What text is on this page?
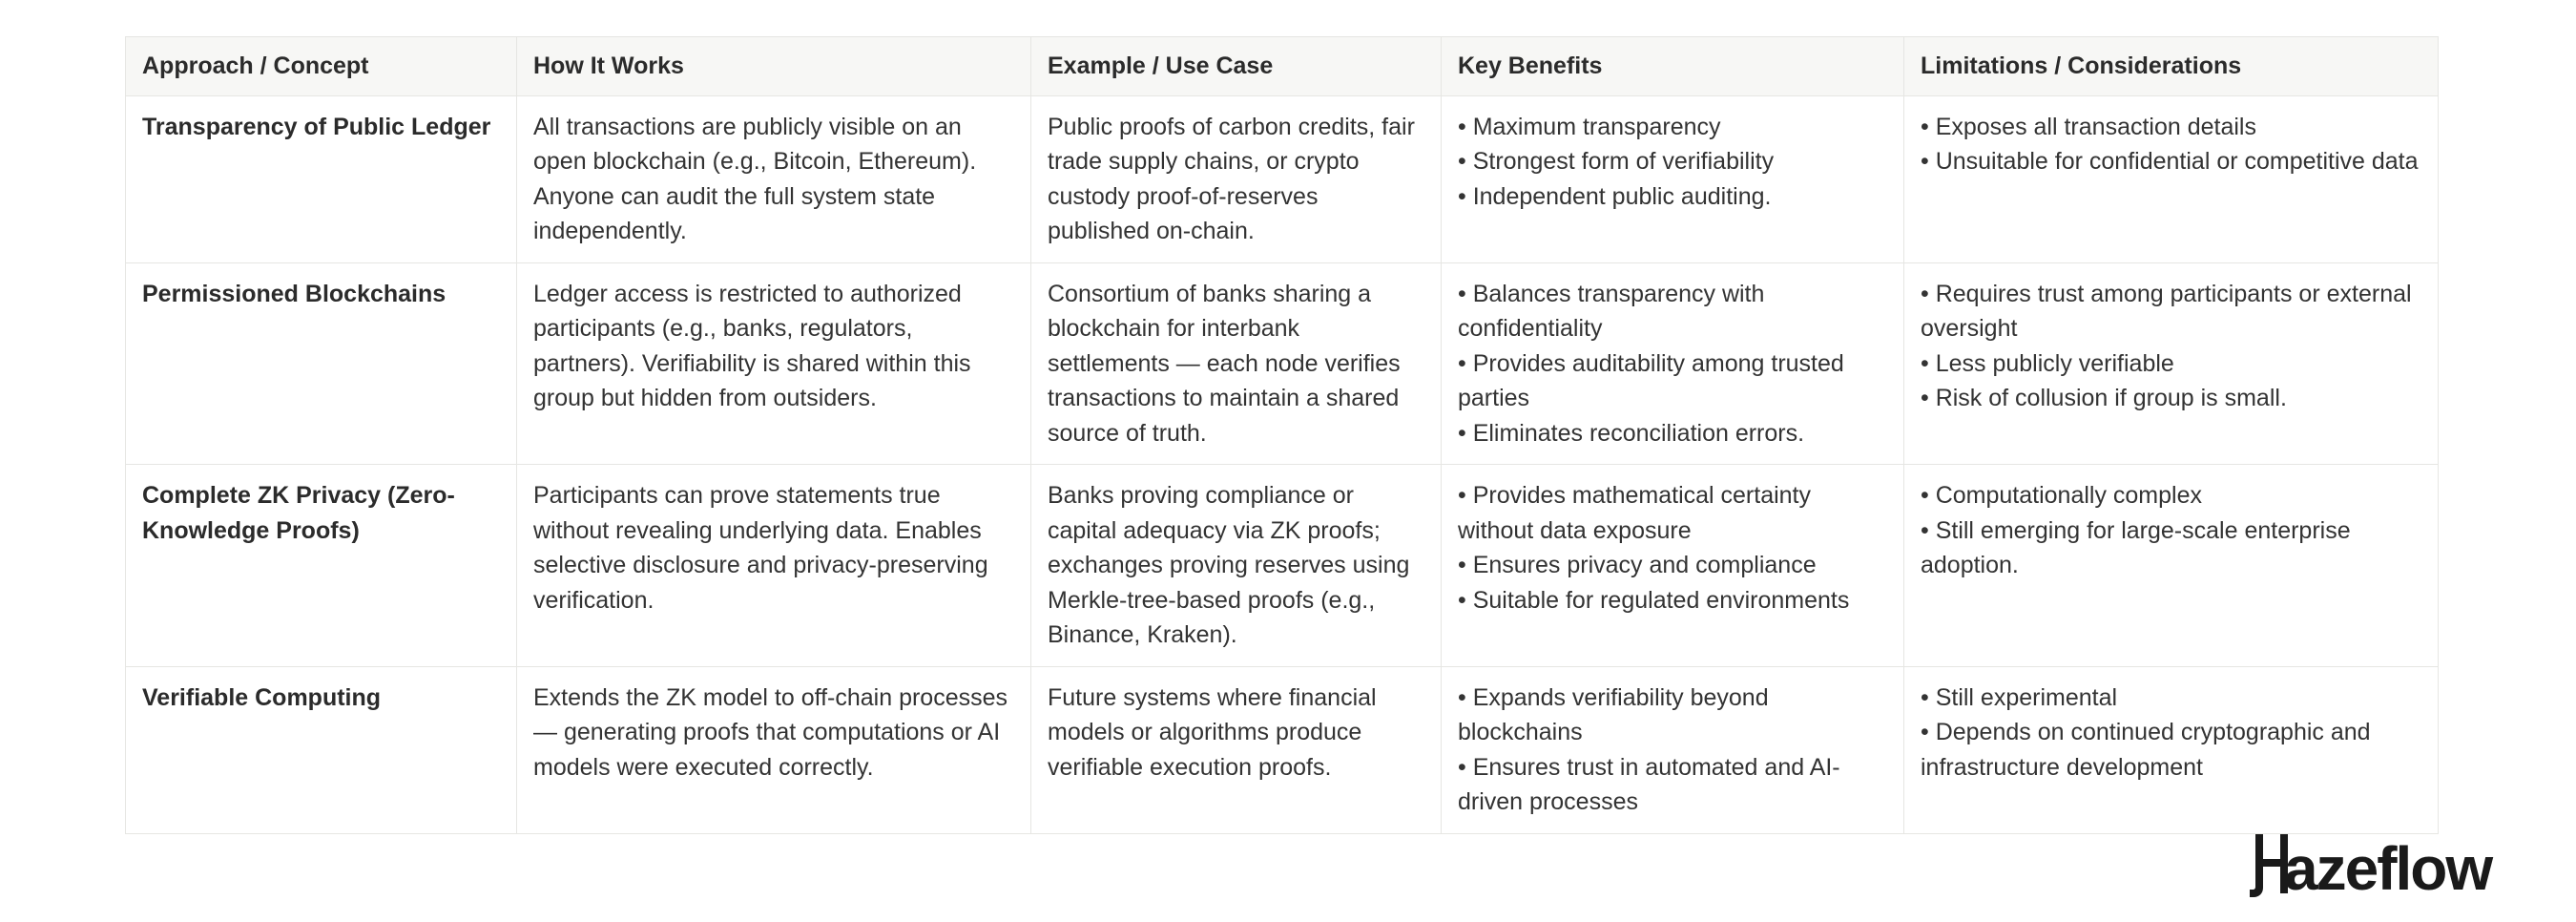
Approach / Concept	How It Works	Example / Use Case	Key Benefits	Limitations / Considerations
Transparency of Public Ledger	All transactions are publicly visible on an open blockchain (e.g., Bitcoin, Ethereum). Anyone can audit the full system state independently.	Public proofs of carbon credits, fair trade supply chains, or crypto custody proof-of-reserves published on-chain.	• Maximum transparency
• Strongest form of verifiability
• Independent public auditing.	• Exposes all transaction details
• Unsuitable for confidential or competitive data

Permissioned Blockchains	Ledger access is restricted to authorized participants (e.g., banks, regulators, partners). Verifiability is shared within this group but hidden from outsiders.	Consortium of banks sharing a blockchain for interbank settlements — each node verifies transactions to maintain a shared source of truth.	• Balances transparency with confidentiality
• Provides auditability among trusted parties
• Eliminates reconciliation errors.	• Requires trust among participants or external oversight
• Less publicly verifiable
• Risk of collusion if group is small.

Complete ZK Privacy (Zero-Knowledge Proofs)	Participants can prove statements true without revealing underlying data. Enables selective disclosure and privacy-preserving verification.	Banks proving compliance or capital adequacy via ZK proofs; exchanges proving reserves using Merkle-tree-based proofs (e.g., Binance, Kraken).	• Provides mathematical certainty without data exposure
• Ensures privacy and compliance
• Suitable for regulated environments	• Computationally complex
• Still emerging for large-scale enterprise adoption.

Verifiable Computing	Extends the ZK model to off-chain processes — generating proofs that computations or AI models were executed correctly.	Future systems where financial models or algorithms produce verifiable execution proofs.	• Expands verifiability beyond blockchains
• Ensures trust in automated and AI-driven processes	• Still experimental
• Depends on continued cryptographic and infrastructure development
azeflow
